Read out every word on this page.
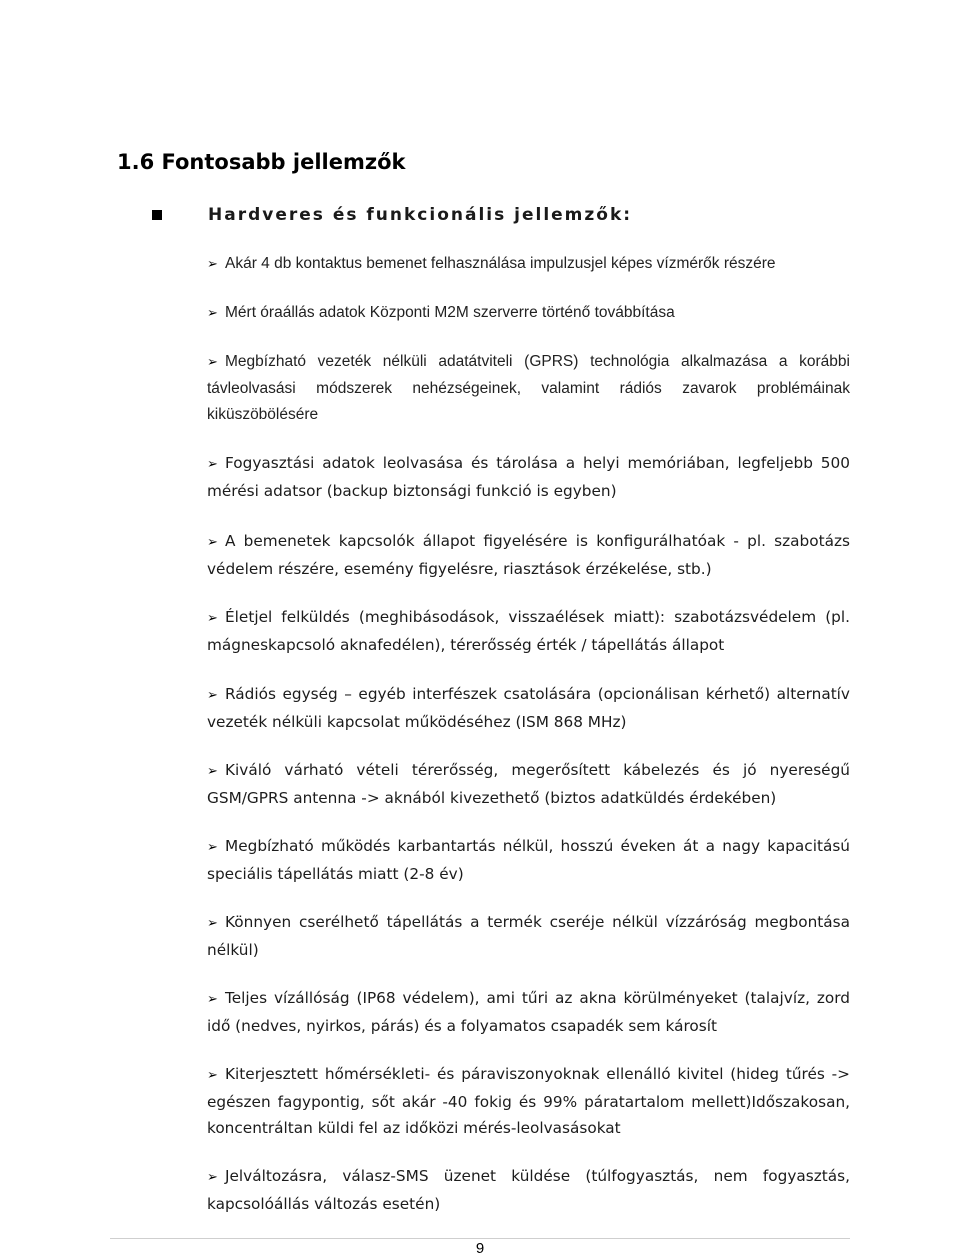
1.6 Fontosabb jellemzők
Hardveres és funkcionális jellemzők:
➢ Akár 4 db kontaktus bemenet felhasználása impulzusjel képes vízmérők részére
➢ Mért óraállás adatok Központi M2M szerverre történő továbbítása
➢ Megbízható vezeték nélküli adatátviteli (GPRS) technológia alkalmazása a korábbi távleolvasási módszerek nehézségeinek, valamint rádiós zavarok problémáinak kiküszöbölésére
➢ Fogyasztási adatok leolvasása és tárolása a helyi memóriában, legfeljebb 500 mérési adatsor (backup biztonsági funkció is egyben)
➢ A bemenetek kapcsolók állapot figyelésére is konfigurálhatóak - pl. szabotázs védelem részére, esemény figyelésre, riasztások érzékelése, stb.)
➢ Életjel felküldés (meghibásodások, visszaélések miatt): szabotázsvédelem (pl. mágneskapcsoló aknafedélen), térerősség érték / tápellátás állapot
➢ Rádiós egység – egyéb interfészek csatolására (opcionálisan kérhető) alternatív vezeték nélküli kapcsolat működéséhez (ISM 868 MHz)
➢ Kiváló várható vételi térerősség, megerősített kábelezés és jó nyereségű GSM/GPRS antenna -> aknából kivezethető (biztos adatküldés érdekében)
➢ Megbízható működés karbantartás nélkül, hosszú éveken át a nagy kapacitású speciális tápellátás miatt (2-8 év)
➢ Könnyen cserélhető tápellátás a termék cseréje nélkül vízzáróság megbontása nélkül)
➢ Teljes vízállóság (IP68 védelem), ami tűri az akna körülményeket (talajvíz, zord idő (nedves, nyirkos, párás) és a folyamatos csapadék sem károsít
➢ Kiterjesztett hőmérsékleti- és páraviszonyoknak ellenálló kivitel (hideg tűrés -> egészen fagypontig, sőt akár -40 fokig és 99% páratartalom mellett)Időszakosan, koncentráltan küldi fel az időközi mérés-leolvasásokat
➢ Jelváltozásra, válasz-SMS üzenet küldése (túlfogyasztás, nem fogyasztás, kapcsolóállás változás esetén)
9
